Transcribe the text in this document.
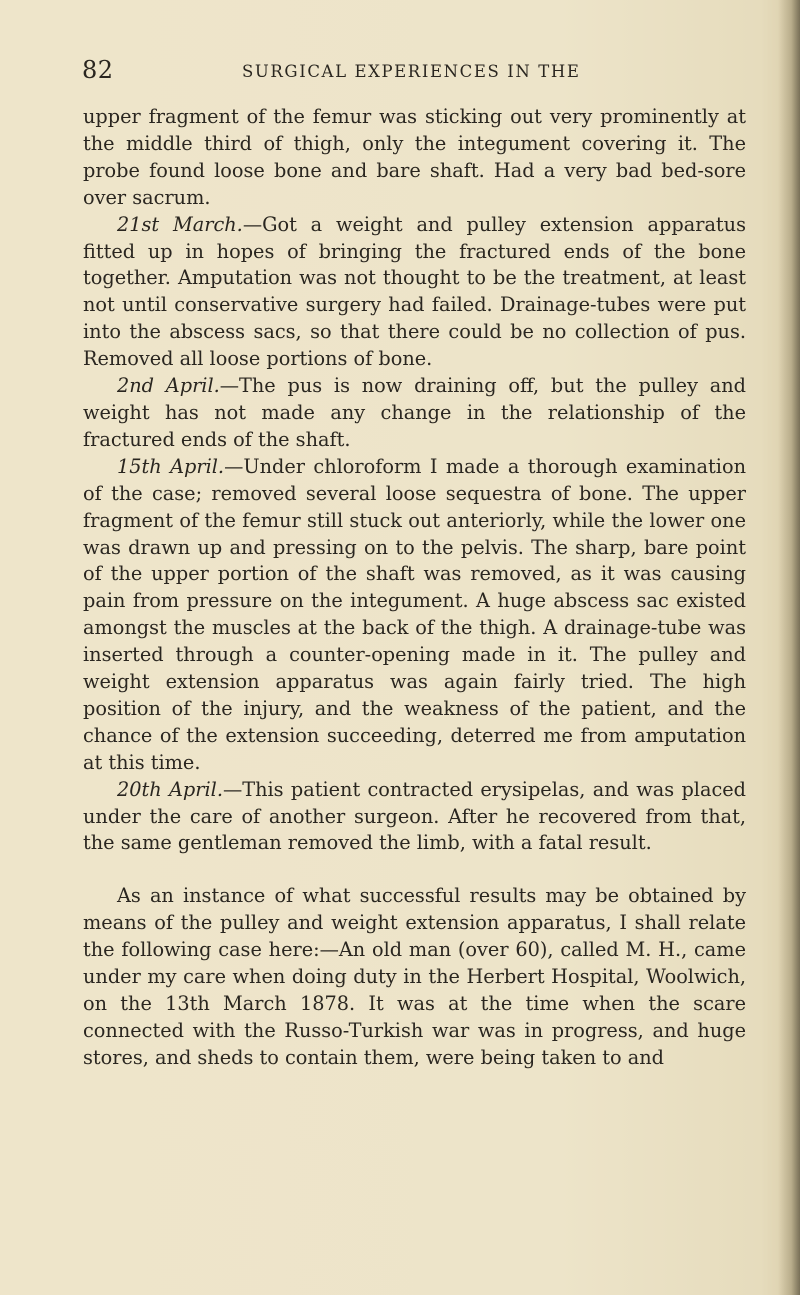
82	SURGICAL EXPERIENCES IN THE

upper fragment of the femur was sticking out very prominently at the middle third of thigh, only the integument covering it. The probe found loose bone and bare shaft. Had a very bad bed-sore over sacrum.

21st March.—Got a weight and pulley extension apparatus fitted up in hopes of bringing the fractured ends of the bone together. Amputation was not thought to be the treatment, at least not until conservative surgery had failed. Drainage-tubes were put into the abscess sacs, so that there could be no collection of pus. Removed all loose portions of bone.

2nd April.—The pus is now draining off, but the pulley and weight has not made any change in the relationship of the fractured ends of the shaft.

15th April.—Under chloroform I made a thorough examination of the case; removed several loose sequestra of bone. The upper fragment of the femur still stuck out anteriorly, while the lower one was drawn up and pressing on to the pelvis. The sharp, bare point of the upper portion of the shaft was removed, as it was causing pain from pressure on the integument. A huge abscess sac existed amongst the muscles at the back of the thigh. A drainage-tube was inserted through a counter-opening made in it. The pulley and weight extension apparatus was again fairly tried. The high position of the injury, and the weakness of the patient, and the chance of the extension succeeding, deterred me from amputation at this time.

20th April.—This patient contracted erysipelas, and was placed under the care of another surgeon. After he recovered from that, the same gentleman removed the limb, with a fatal result.

As an instance of what successful results may be obtained by means of the pulley and weight extension apparatus, I shall relate the following case here:—An old man (over 60), called M. H., came under my care when doing duty in the Herbert Hospital, Woolwich, on the 13th March 1878. It was at the time when the scare connected with the Russo-Turkish war was in progress, and huge stores, and sheds to contain them, were being taken to and
